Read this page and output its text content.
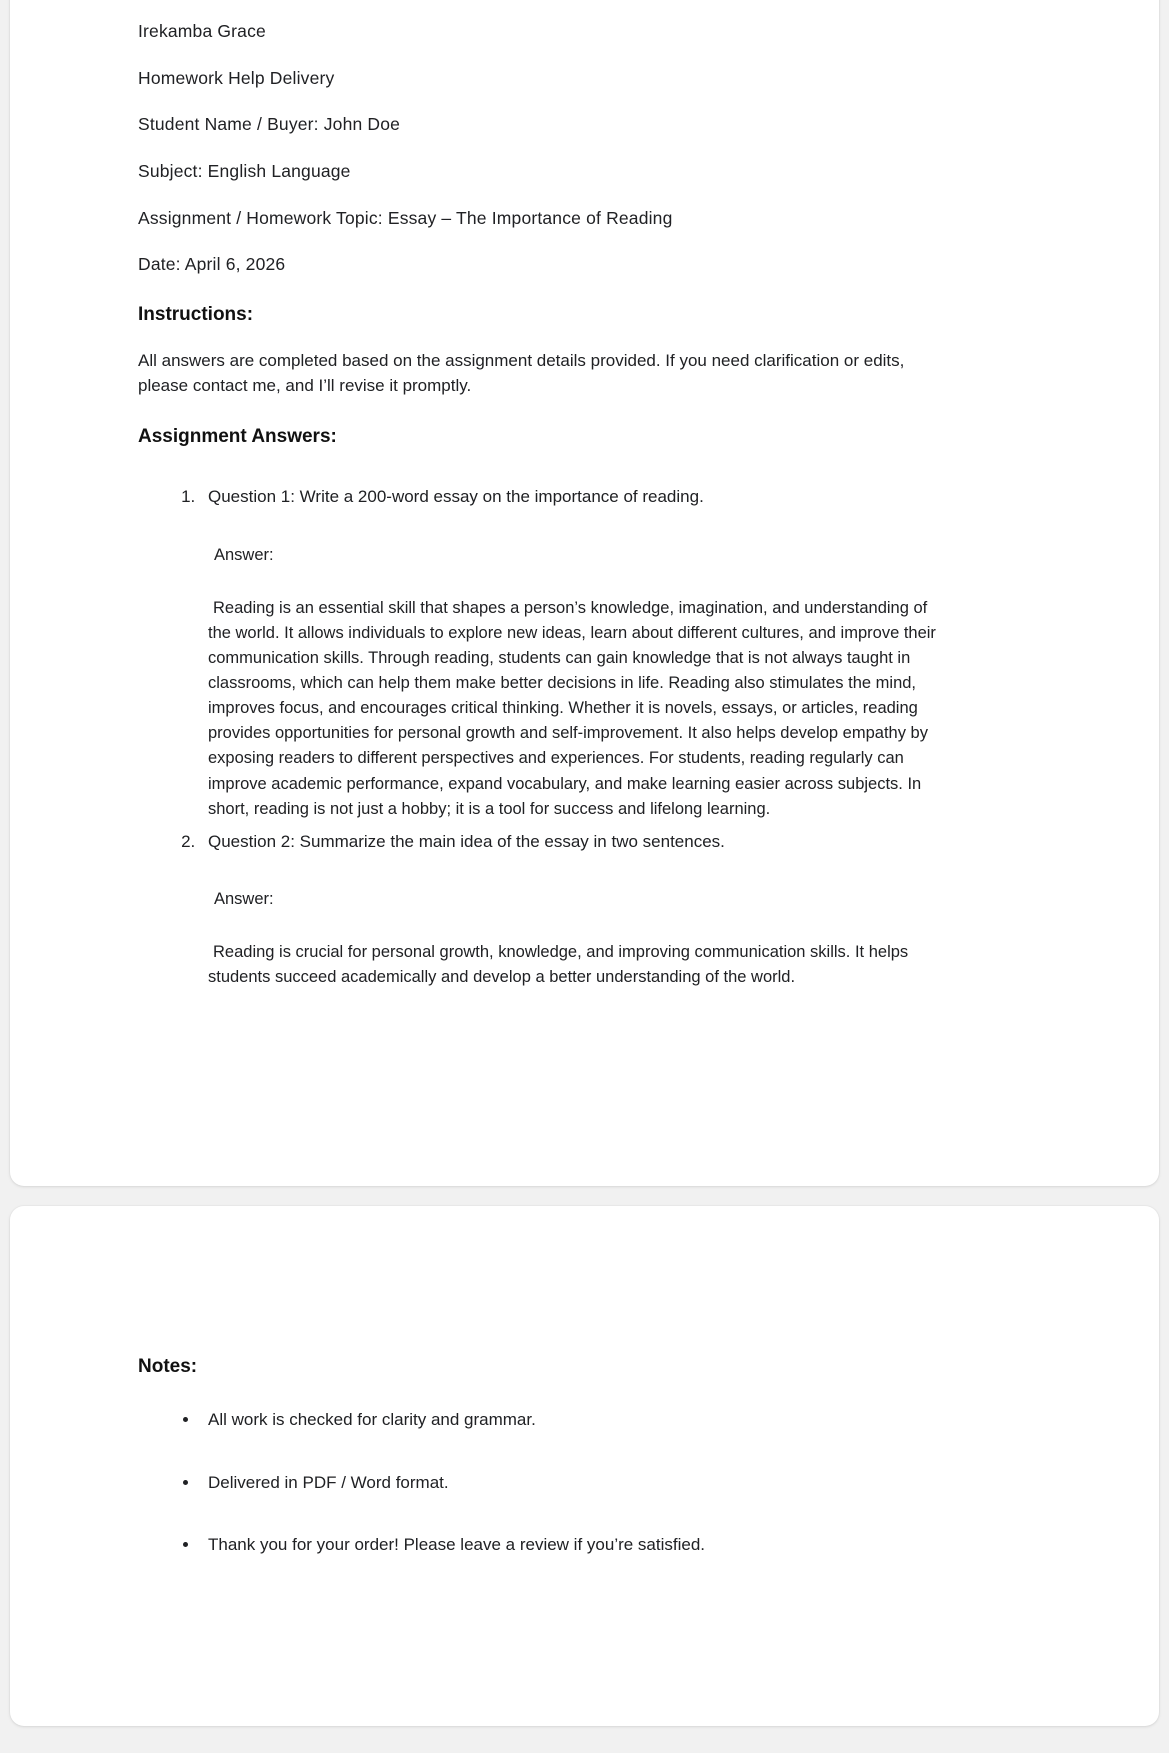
Irekamba Grace

Homework Help Delivery

Student Name / Buyer: John Doe

Subject: English Language

Assignment / Homework Topic: Essay – The Importance of Reading

Date: April 6, 2026

Instructions:

All answers are completed based on the assignment details provided. If you need clarification or edits, please contact me, and I’ll revise it promptly.

Assignment Answers:
1. Question 1: Write a 200-word essay on the importance of reading.
Answer:
Reading is an essential skill that shapes a person’s knowledge, imagination, and understanding of the world. It allows individuals to explore new ideas, learn about different cultures, and improve their communication skills. Through reading, students can gain knowledge that is not always taught in classrooms, which can help them make better decisions in life. Reading also stimulates the mind, improves focus, and encourages critical thinking. Whether it is novels, essays, or articles, reading provides opportunities for personal growth and self-improvement. It also helps develop empathy by exposing readers to different perspectives and experiences. For students, reading regularly can improve academic performance, expand vocabulary, and make learning easier across subjects. In short, reading is not just a hobby; it is a tool for success and lifelong learning.
2. Question 2: Summarize the main idea of the essay in two sentences.
Answer:
Reading is crucial for personal growth, knowledge, and improving communication skills. It helps students succeed academically and develop a better understanding of the world.
Notes:
• All work is checked for clarity and grammar.
• Delivered in PDF / Word format.
• Thank you for your order! Please leave a review if you’re satisfied.
